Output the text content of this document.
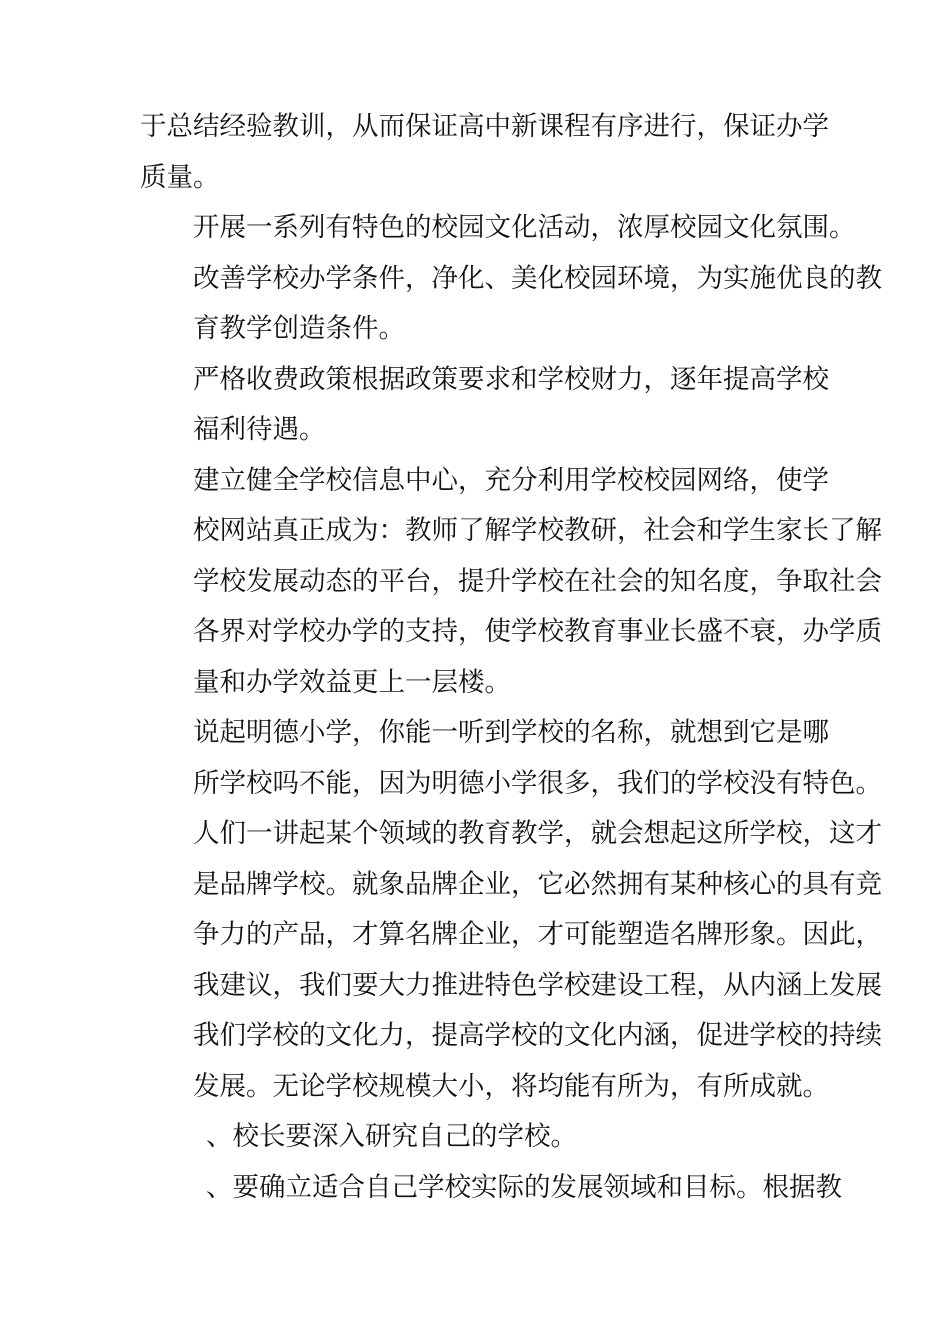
于总结经验教训，从而保证高中新课程有序进行，保证办学
质量。

开展一系列有特色的校园文化活动，浓厚校园文化氛围。
改善学校办学条件，净化、美化校园环境，为实施优良的教
育教学创造条件。

严格收费政策根据政策要求和学校财力，逐年提高学校
福利待遇。

建立健全学校信息中心，充分利用学校校园网络，使学
校网站真正成为：教师了解学校教研，社会和学生家长了解
学校发展动态的平台，提升学校在社会的知名度，争取社会
各界对学校办学的支持，使学校教育事业长盛不衰，办学质
量和办学效益更上一层楼。

说起明德小学，你能一听到学校的名称，就想到它是哪
所学校吗不能，因为明德小学很多，我们的学校没有特色。
人们一讲起某个领域的教育教学，就会想起这所学校，这才
是品牌学校。就象品牌企业，它必然拥有某种核心的具有竞
争力的产品，才算名牌企业，才可能塑造名牌形象。因此，
我建议，我们要大力推进特色学校建设工程，从内涵上发展
我们学校的文化力，提高学校的文化内涵，促进学校的持续
发展。无论学校规模大小，将均能有所为，有所成就。

、校长要深入研究自己的学校。

、要确立适合自己学校实际的发展领域和目标。根据教
